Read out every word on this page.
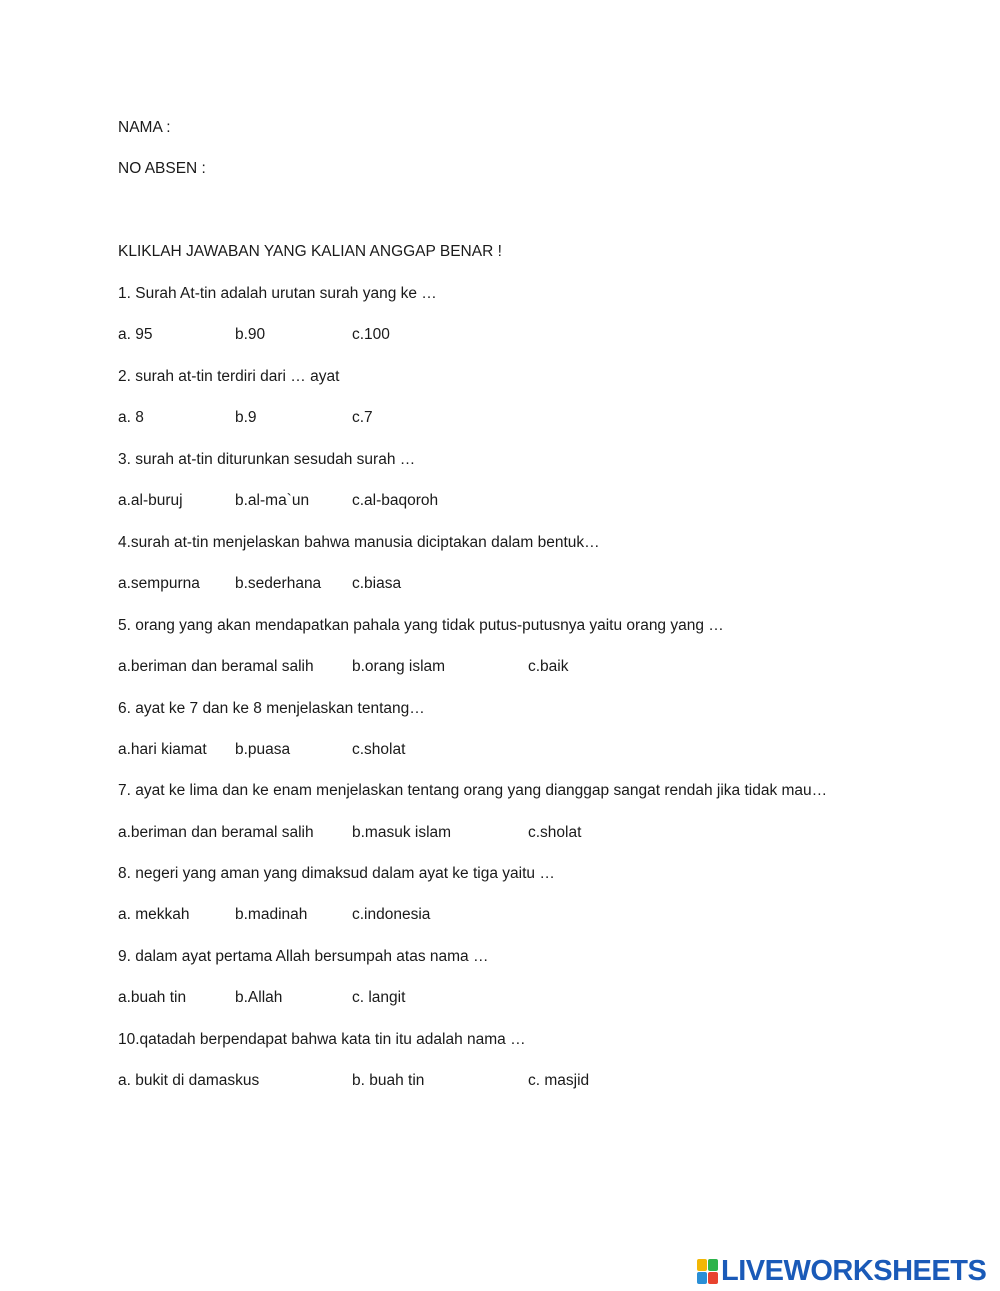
NAMA :
NO ABSEN :
KLIKLAH JAWABAN YANG KALIAN ANGGAP BENAR !
1. Surah At-tin adalah urutan surah yang ke …
a. 95	b.90	c.100
2. surah at-tin terdiri dari … ayat
a. 8	b.9	c.7
3. surah at-tin diturunkan sesudah surah …
a.al-buruj	b.al-ma`un	c.al-baqoroh
4.surah at-tin menjelaskan bahwa manusia diciptakan dalam bentuk…
a.sempurna b.sederhana c.biasa
5. orang yang akan mendapatkan pahala yang tidak putus-putusnya yaitu orang yang …
a.beriman dan beramal salih b.orang islam	c.baik
6. ayat ke 7 dan ke 8 menjelaskan tentang…
a.hari kiamat b.puasa	c.sholat
7. ayat ke lima dan ke enam menjelaskan tentang orang yang dianggap sangat rendah jika tidak mau…
a.beriman dan beramal salih b.masuk islam	c.sholat
8. negeri yang aman yang dimaksud dalam ayat ke tiga yaitu …
a. mekkah	b.madinah	c.indonesia
9. dalam ayat pertama Allah bersumpah atas nama …
a.buah tin	b.Allah	c. langit
10.qatadah berpendapat bahwa kata tin itu adalah nama …
a. bukit di damaskus	b. buah tin	c. masjid
LIVEWORKSHEETS
